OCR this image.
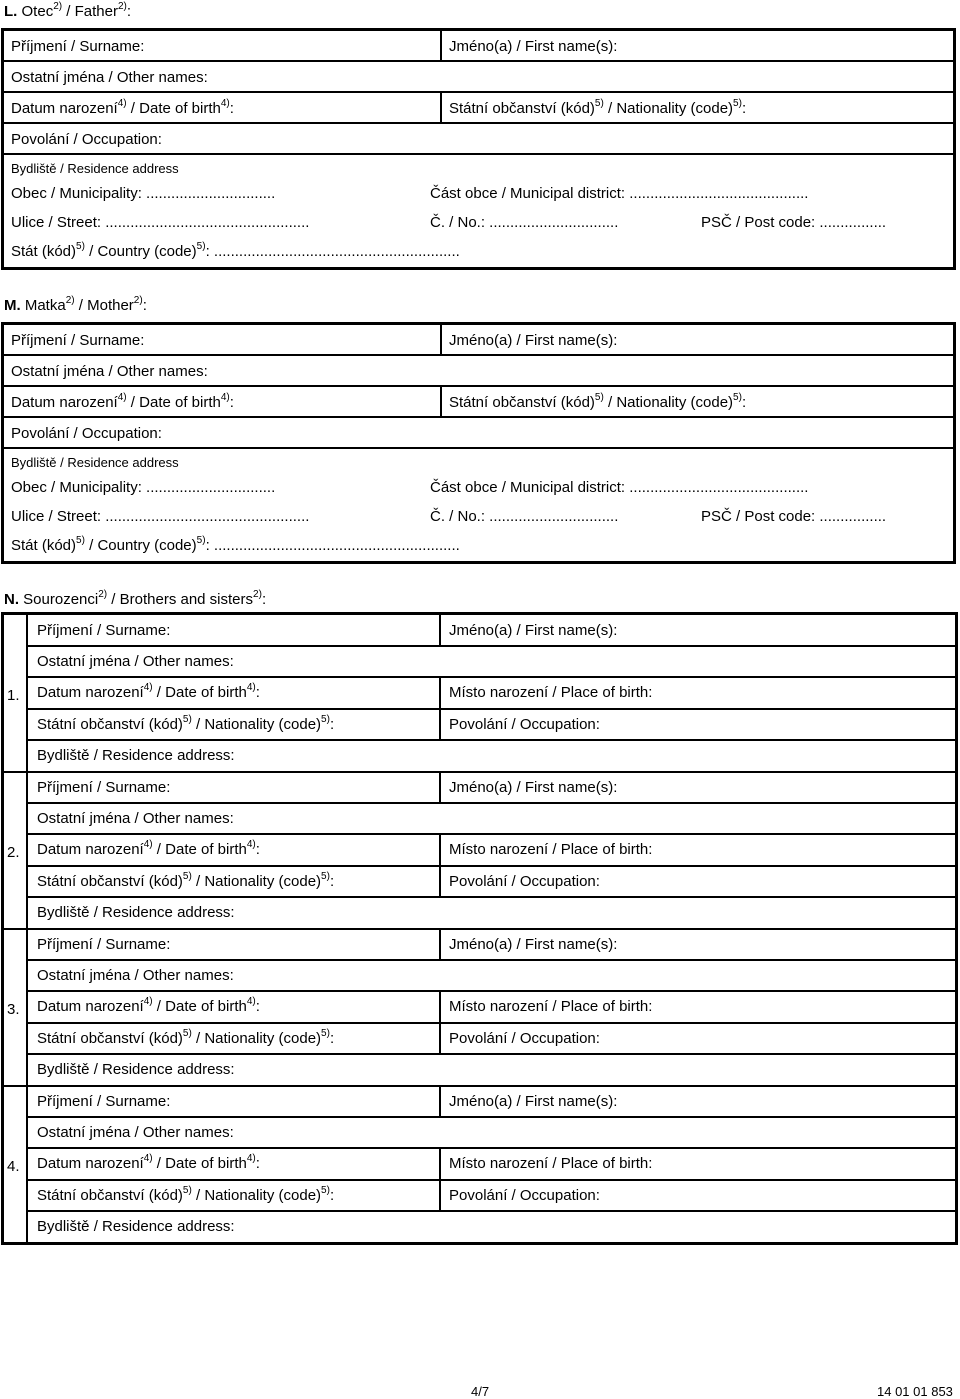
L. Otec$^{2)}$ / Father$^{2)}$:
Příjmení / Surname:	Jméno(a) / First name(s):
Ostatní jména / Other names:
Datum narození$^{4)}$ / Date of birth$^{4)}$:	Státní občanství (kód)$^{5)}$ / Nationality (code)$^{5)}$:
Povolání / Occupation:
Bydliště / Residence address
Obec / Municipality: ...............................	Část obce / Municipal district: ...........................................
Ulice / Street: .................................................	Č. / No.: ...............................	PSČ / Post code: ................
Stát (kód)$^{5)}$ / Country (code)$^{5)}$: ...........................................................
M. Matka$^{2)}$ / Mother$^{2)}$:
Příjmení / Surname:	Jméno(a) / First name(s):
Ostatní jména / Other names:
Datum narození$^{4)}$ / Date of birth$^{4)}$:	Státní občanství (kód)$^{5)}$ / Nationality (code)$^{5)}$:
Povolání / Occupation:
Bydliště / Residence address
Obec / Municipality: ...............................	Část obce / Municipal district: ...........................................
Ulice / Street: .................................................	Č. / No.: ...............................	PSČ / Post code: ................
Stát (kód)$^{5)}$ / Country (code)$^{5)}$: ...........................................................
N. Sourozenci$^{2)}$ / Brothers and sisters$^{2)}$:
1.
Příjmení / Surname:	Jméno(a) / First name(s):
Ostatní jména / Other names:
Datum narození$^{4)}$ / Date of birth$^{4)}$:	Místo narození / Place of birth:
Státní občanství (kód)$^{5)}$ / Nationality (code)$^{5)}$:	Povolání / Occupation:
Bydliště / Residence address:
2.
Příjmení / Surname:	Jméno(a) / First name(s):
Ostatní jména / Other names:
Datum narození$^{4)}$ / Date of birth$^{4)}$:	Místo narození / Place of birth:
Státní občanství (kód)$^{5)}$ / Nationality (code)$^{5)}$:	Povolání / Occupation:
Bydliště / Residence address:
3.
Příjmení / Surname:	Jméno(a) / First name(s):
Ostatní jména / Other names:
Datum narození$^{4)}$ / Date of birth$^{4)}$:	Místo narození / Place of birth:
Státní občanství (kód)$^{5)}$ / Nationality (code)$^{5)}$:	Povolání / Occupation:
Bydliště / Residence address:
4.
Příjmení / Surname:	Jméno(a) / First name(s):
Ostatní jména / Other names:
Datum narození$^{4)}$ / Date of birth$^{4)}$:	Místo narození / Place of birth:
Státní občanství (kód)$^{5)}$ / Nationality (code)$^{5)}$:	Povolání / Occupation:
Bydliště / Residence address:
4/7	14 01 01 853
